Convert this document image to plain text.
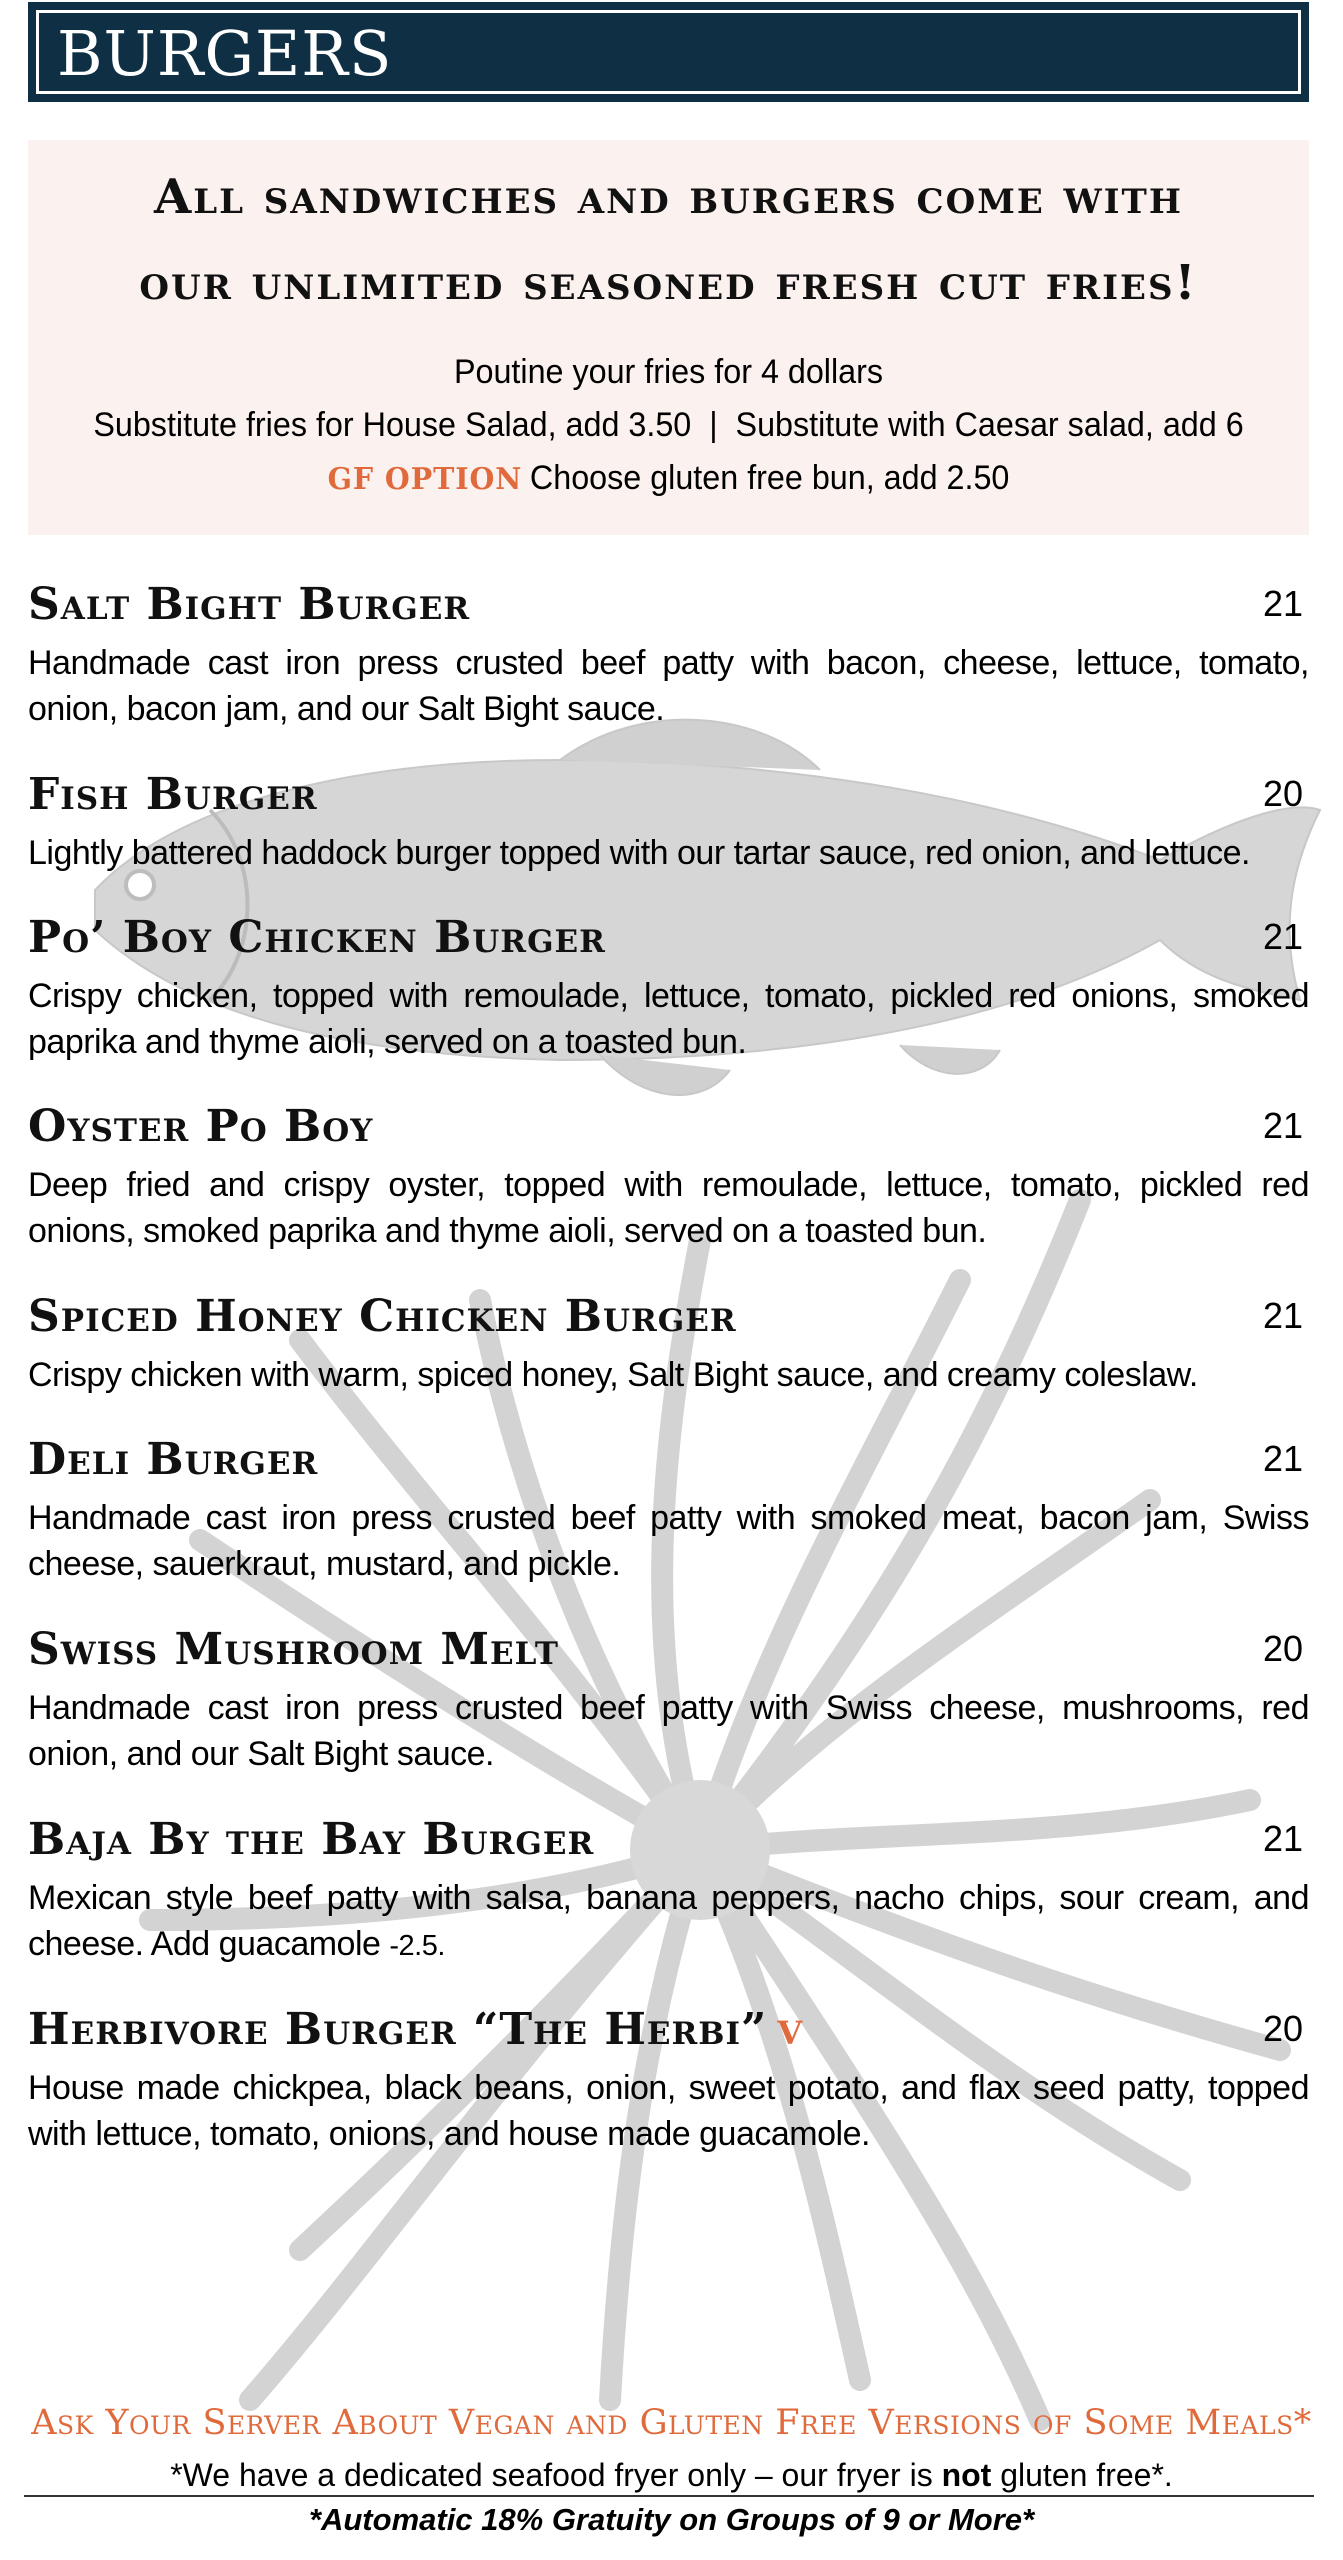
BURGERS
All sandwiches and burgers come with
our unlimited seasoned fresh cut fries!
Poutine your fries for 4 dollars
Substitute fries for House Salad, add 3.50  |  Substitute with Caesar salad, add 6
GF OPTION Choose gluten free bun, add 2.50
Salt Bight Burger	21
Handmade cast iron press crusted beef patty with bacon, cheese, lettuce, tomato, onion, bacon jam, and our Salt Bight sauce.
Fish Burger	20
Lightly battered haddock burger topped with our tartar sauce, red onion, and lettuce.
Po’ Boy Chicken Burger	21
Crispy chicken, topped with remoulade, lettuce, tomato, pickled red onions, smoked paprika and thyme aioli, served on a toasted bun.
Oyster Po Boy	21
Deep fried and crispy oyster, topped with remoulade, lettuce, tomato, pickled red onions, smoked paprika and thyme aioli, served on a toasted bun.
Spiced Honey Chicken Burger	21
Crispy chicken with warm, spiced honey, Salt Bight sauce, and creamy coleslaw.
Deli Burger	21
Handmade cast iron press crusted beef patty with smoked meat, bacon jam, Swiss cheese, sauerkraut, mustard, and pickle.
Swiss Mushroom Melt	20
Handmade cast iron press crusted beef patty with Swiss cheese, mushrooms, red onion, and our Salt Bight sauce.
Baja By the Bay Burger	21
Mexican style beef patty with salsa, banana peppers, nacho chips, sour cream, and cheese. Add guacamole -2.5.
Herbivore Burger “The Herbi” V	20
House made chickpea, black beans, onion, sweet potato, and flax seed patty, topped with lettuce, tomato, onions, and house made guacamole.
Ask Your Server About Vegan and Gluten Free Versions of Some Meals*
*We have a dedicated seafood fryer only – our fryer is not gluten free*.
*Automatic 18% Gratuity on Groups of 9 or More*
